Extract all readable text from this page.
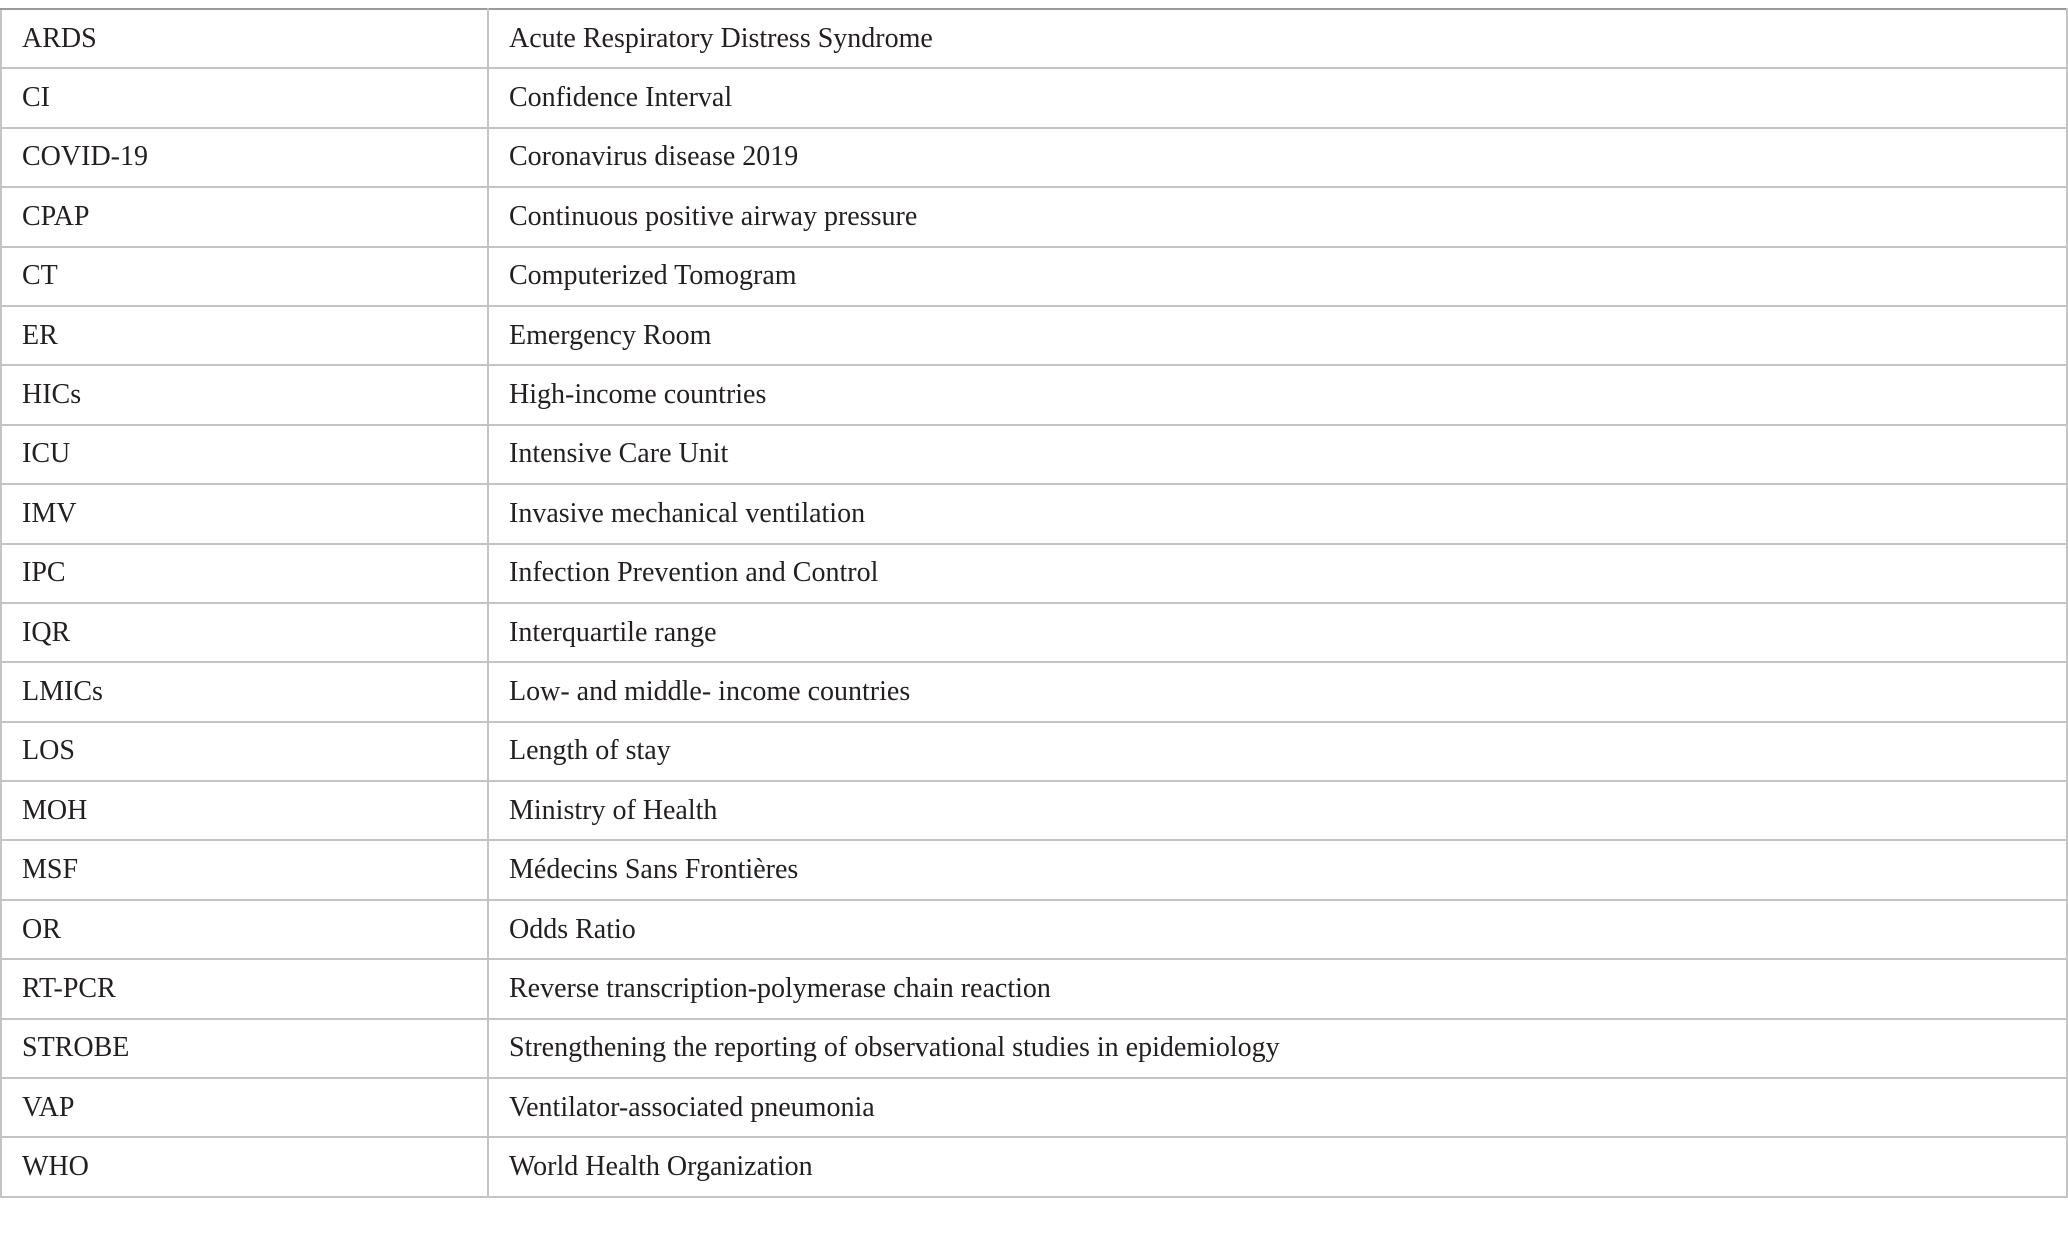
ARDS	Acute Respiratory Distress Syndrome
CI	Confidence Interval
COVID-19	Coronavirus disease 2019
CPAP	Continuous positive airway pressure
CT	Computerized Tomogram
ER	Emergency Room
HICs	High-income countries
ICU	Intensive Care Unit
IMV	Invasive mechanical ventilation
IPC	Infection Prevention and Control
IQR	Interquartile range
LMICs	Low- and middle- income countries
LOS	Length of stay
MOH	Ministry of Health
MSF	Médecins Sans Frontières
OR	Odds Ratio
RT-PCR	Reverse transcription-polymerase chain reaction
STROBE	Strengthening the reporting of observational studies in epidemiology
VAP	Ventilator-associated pneumonia
WHO	World Health Organization
